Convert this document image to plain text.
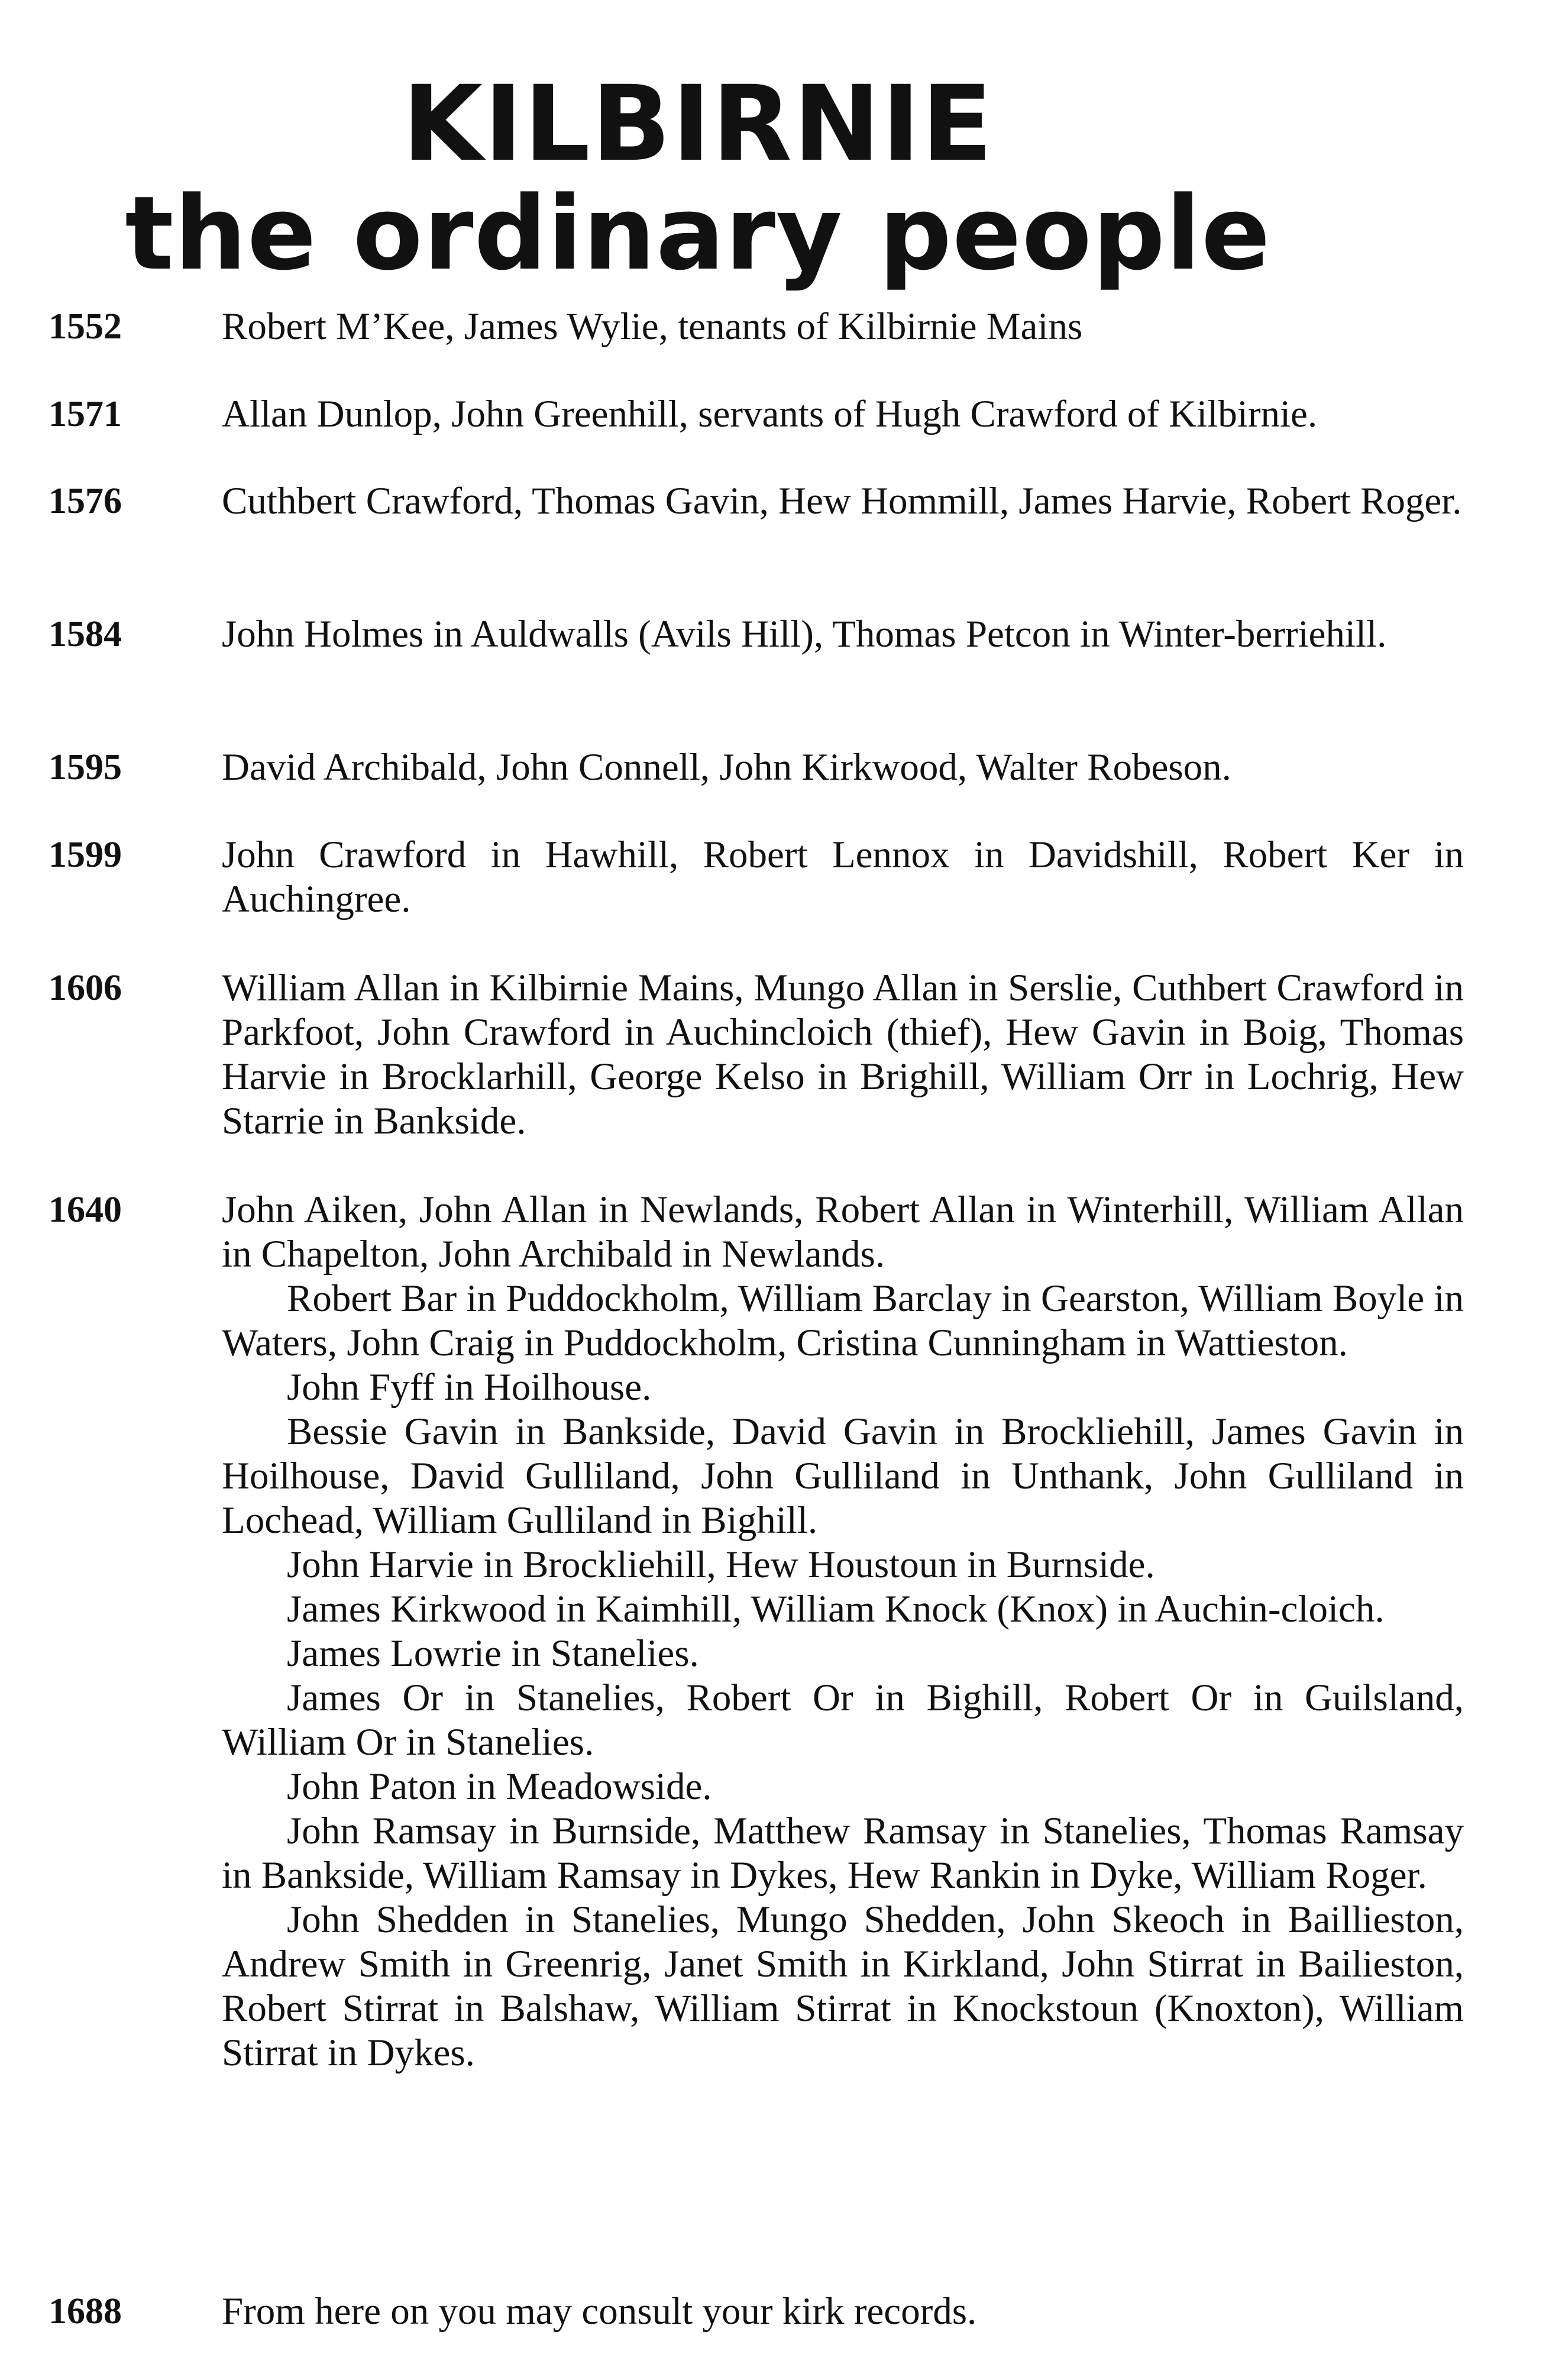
KILBIRNIE
the ordinary people
1552	Robert M’Kee, James Wylie, tenants of Kilbirnie Mains

1571	Allan Dunlop, John Greenhill, servants of Hugh Crawford of Kilbirnie.

1576	Cuthbert Crawford, Thomas Gavin, Hew Hommill, James Harvie, Robert Roger.

1584	John Holmes in Auldwalls (Avils Hill), Thomas Petcon in Winter-berriehill.

1595	David Archibald, John Connell, John Kirkwood, Walter Robeson.

1599	John Crawford in Hawhill, Robert Lennox in Davidshill, Robert Ker in Auchingree.

1606	William Allan in Kilbirnie Mains, Mungo Allan in Serslie, Cuthbert Crawford in Parkfoot, John Crawford in Auchincloich (thief), Hew Gavin in Boig, Thomas Harvie in Brocklarhill, George Kelso in Brighill, William Orr in Lochrig, Hew Starrie in Bankside.

1640	John Aiken, John Allan in Newlands, Robert Allan in Winterhill, William Allan in Chapelton, John Archibald in Newlands.

Robert Bar in Puddockholm, William Barclay in Gearston, William Boyle in Waters, John Craig in Puddockholm, Cristina Cunningham in Wattieston.

John Fyff in Hoilhouse.

Bessie Gavin in Bankside, David Gavin in Brockliehill, James Gavin in Hoilhouse, David Gulliland, John Gulliland in Unthank, John Gulliland in Lochead, William Gulliland in Bighill.

John Harvie in Brockliehill, Hew Houstoun in Burnside.

James Kirkwood in Kaimhill, William Knock (Knox) in Auchin-cloich.

James Lowrie in Stanelies.

James Or in Stanelies, Robert Or in Bighill, Robert Or in Guilsland, William Or in Stanelies.

John Paton in Meadowside.

John Ramsay in Burnside, Matthew Ramsay in Stanelies, Thomas Ramsay in Bankside, William Ramsay in Dykes, Hew Rankin in Dyke, William Roger.

John Shedden in Stanelies, Mungo Shedden, John Skeoch in Baillieston, Andrew Smith in Greenrig, Janet Smith in Kirkland, John Stirrat in Bailieston, Robert Stirrat in Balshaw, William Stirrat in Knockstoun (Knoxton), William Stirrat in Dykes.

1688	From here on you may consult your kirk records.
